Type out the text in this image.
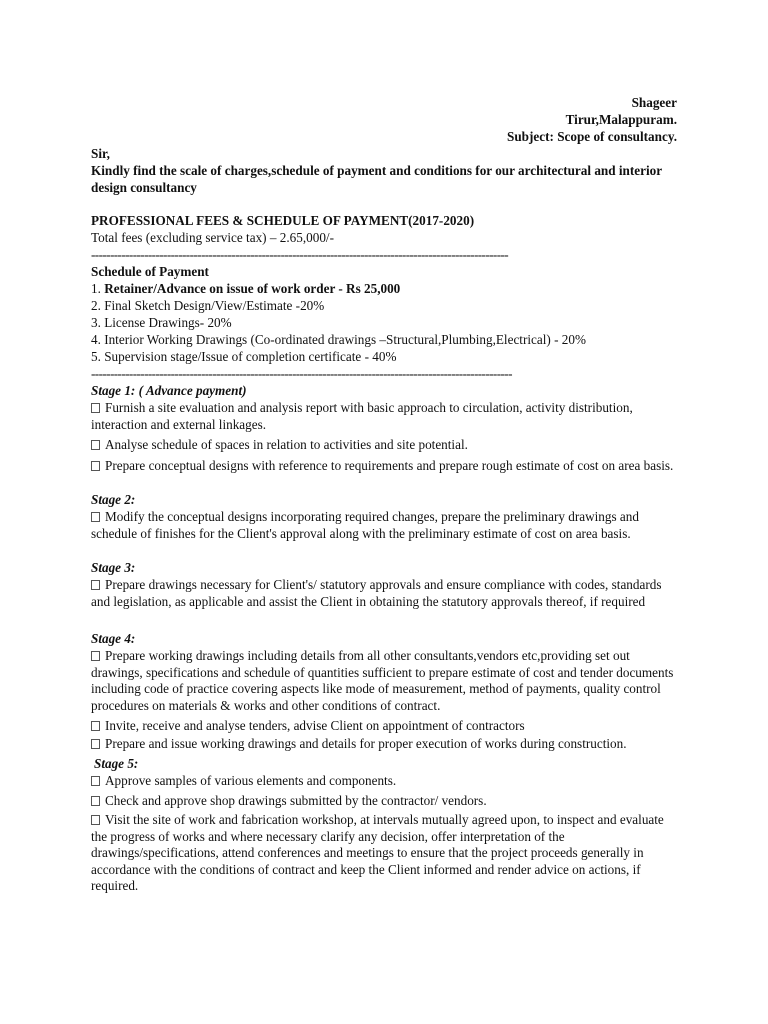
Shageer
Tirur,Malappuram.
Subject: Scope of consultancy.
Sir,
Kindly find the scale of charges,schedule of payment and conditions for our architectural and interior design consultancy
PROFESSIONAL FEES & SCHEDULE OF PAYMENT(2017-2020)
Total fees (excluding service tax) – 2.65,000/-
--------------------------------------------------------------------------------------------------------------
Schedule of Payment
1. Retainer/Advance on issue of work order - Rs 25,000
2. Final Sketch Design/View/Estimate -20%
3. License Drawings- 20%
4. Interior Working Drawings (Co-ordinated drawings –Structural,Plumbing,Electrical) - 20%
5. Supervision stage/Issue of completion certificate - 40%
---------------------------------------------------------------------------------------------------------------
Stage 1: ( Advance payment)
Furnish a site evaluation and analysis report with basic approach to circulation, activity distribution, interaction and external linkages.
Analyse schedule of spaces in relation to activities and site potential.
Prepare conceptual designs with reference to requirements and prepare rough estimate of cost on area basis.
Stage 2:
Modify the conceptual designs incorporating required changes, prepare the preliminary drawings and schedule of finishes for the Client's approval along with the preliminary estimate of cost on area basis.
Stage 3:
Prepare drawings necessary for Client's/ statutory approvals and ensure compliance with codes, standards and legislation, as applicable and assist the Client in obtaining the statutory approvals thereof, if required
Stage 4:
Prepare working drawings including details from all other consultants,vendors etc,providing set out drawings, specifications and schedule of quantities sufficient to prepare estimate of cost and tender documents including code of practice covering aspects like mode of measurement, method of payments, quality control procedures on materials & works and other conditions of contract.
Invite, receive and analyse tenders, advise Client on appointment of contractors
Prepare and issue working drawings and details for proper execution of works during construction.
Stage 5:
Approve samples of various elements and components.
Check and approve shop drawings submitted by the contractor/ vendors.
Visit the site of work and fabrication workshop, at intervals mutually agreed upon, to inspect and evaluate the progress of works and where necessary clarify any decision, offer interpretation of the drawings/specifications, attend conferences and meetings to ensure that the project proceeds generally in accordance with the conditions of contract and keep the Client informed and render advice on actions, if required.
